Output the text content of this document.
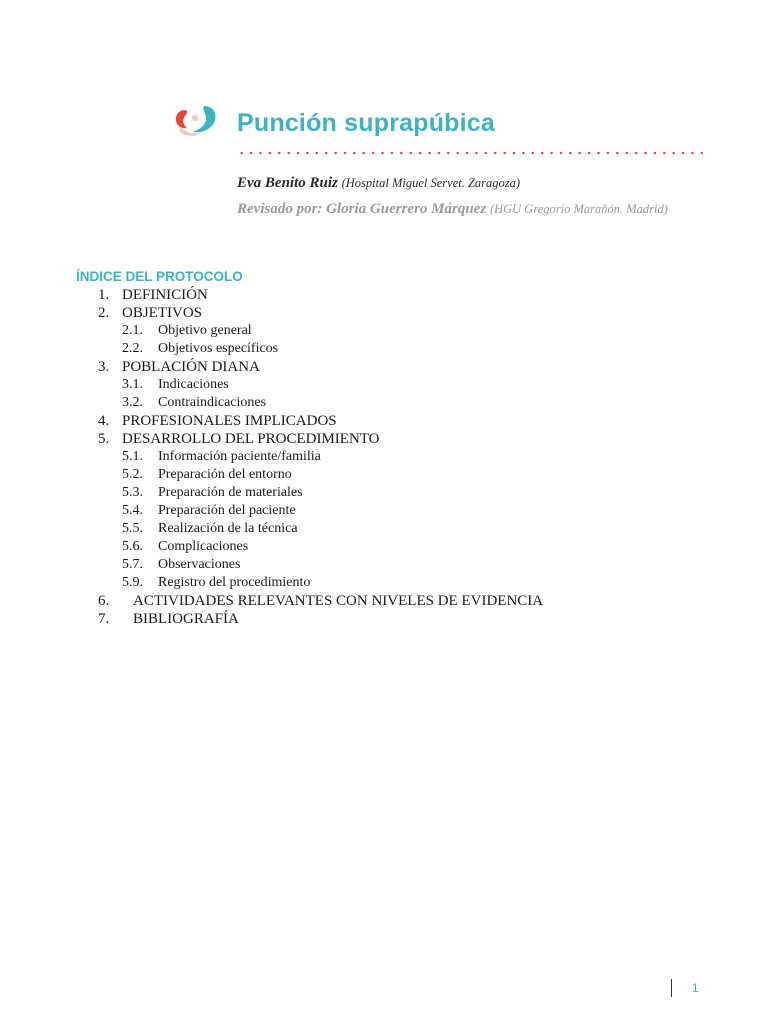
Punción suprapúbica
Eva Benito Ruiz (Hospital Miguel Servet. Zaragoza)
Revisado por: Gloria Guerrero Márquez (HGU Gregorio Marañón. Madrid)
ÍNDICE DEL PROTOCOLO
1. DEFINICIÓN
2. OBJETIVOS
2.1. Objetivo general
2.2. Objetivos específicos
3. POBLACIÓN DIANA
3.1. Indicaciones
3.2. Contraindicaciones
4. PROFESIONALES IMPLICADOS
5. DESARROLLO DEL PROCEDIMIENTO
5.1. Información paciente/familia
5.2. Preparación del entorno
5.3. Preparación de materiales
5.4. Preparación del paciente
5.5. Realización de la técnica
5.6. Complicaciones
5.7. Observaciones
5.9. Registro del procedimiento
6. ACTIVIDADES RELEVANTES CON NIVELES DE EVIDENCIA
7. BIBLIOGRAFÍA
1
